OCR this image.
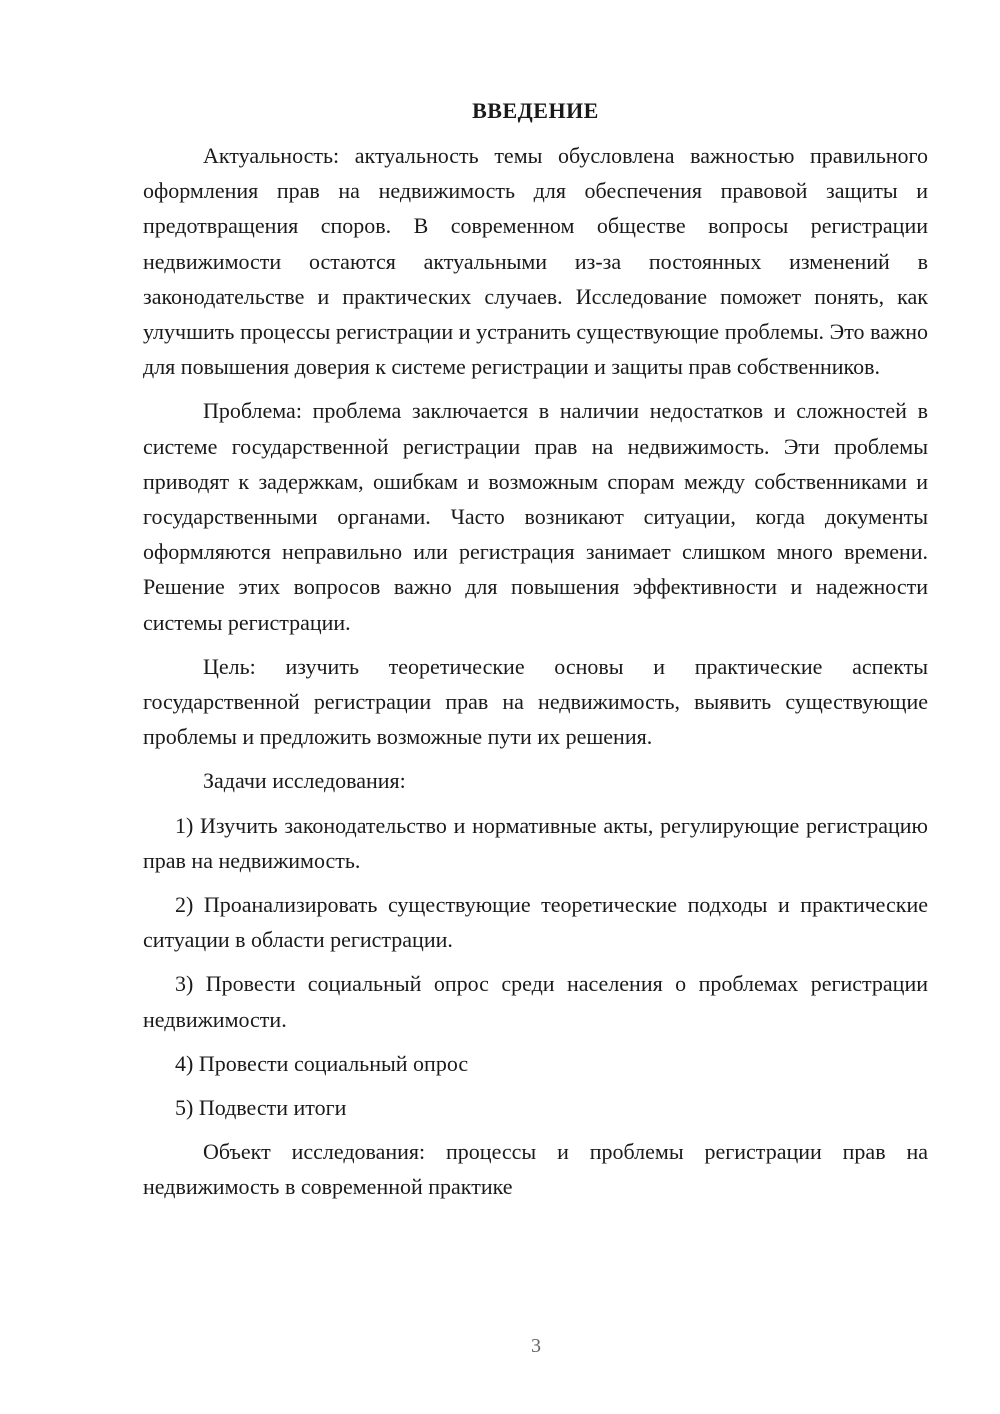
ВВЕДЕНИЕ

Актуальность: актуальность темы обусловлена важностью правильного оформления прав на недвижимость для обеспечения правовой защиты и предотвращения споров. В современном обществе вопросы регистрации недвижимости остаются актуальными из-за постоянных изменений в законодательстве и практических случаев. Исследование поможет понять, как улучшить процессы регистрации и устранить существующие проблемы. Это важно для повышения доверия к системе регистрации и защиты прав собственников.

Проблема: проблема заключается в наличии недостатков и сложностей в системе государственной регистрации прав на недвижимость. Эти проблемы приводят к задержкам, ошибкам и возможным спорам между собственниками и государственными органами. Часто возникают ситуации, когда документы оформляются неправильно или регистрация занимает слишком много времени. Решение этих вопросов важно для повышения эффективности и надежности системы регистрации.

Цель: изучить теоретические основы и практические аспекты государственной регистрации прав на недвижимость, выявить существующие проблемы и предложить возможные пути их решения.

Задачи исследования:

1) Изучить законодательство и нормативные акты, регулирующие регистрацию прав на недвижимость.

2) Проанализировать существующие теоретические подходы и практические ситуации в области регистрации.

3) Провести социальный опрос среди населения о проблемах регистрации недвижимости.

4) Провести социальный опрос

5) Подвести итоги

Объект исследования: процессы и проблемы регистрации прав на недвижимость в современной практике

3
